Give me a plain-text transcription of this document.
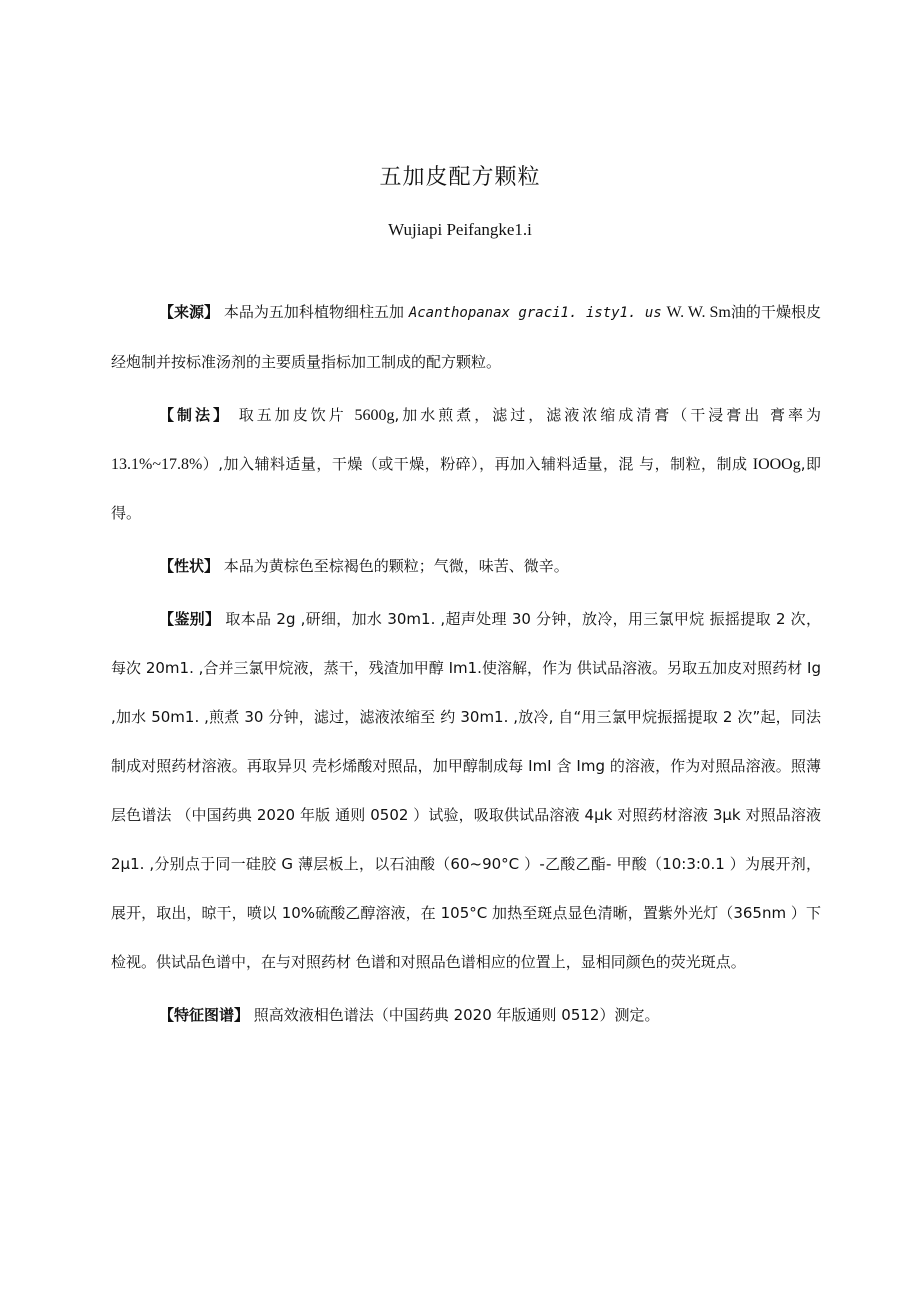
五加皮配方颗粒
Wujiapi Peifangke1.i

【来源】 本品为五加科植物细柱五加 Acanthopanax graci1. isty1. us W. W. Sm油的干燥根皮经炮制并按标准汤剂的主要质量指标加工制成的配方颗粒。

【制法】 取五加皮饮片 5600g,加水煎煮，滤过，滤液浓缩成清膏（干浸膏出 膏率为13.1%~17.8%）,加入辅料适量，干燥（或干燥，粉碎），再加入辅料适量，混 与，制粒，制成 IOOOg,即得。

【性状】 本品为黄棕色至棕褐色的颗粒；气微，味苦、微辛。

【鉴别】 取本品 2g ,研细，加水 30m1. ,超声处理 30 分钟，放冷，用三氯甲烷 振摇提取 2 次，每次 20m1. ,合并三氯甲烷液，蒸干，残渣加甲醇 Im1.使溶解，作为 供试品溶液。另取五加皮对照药材 Ig ,加水 50m1. ,煎煮 30 分钟，滤过，滤液浓缩至 约 30m1. ,放冷, 自“用三氯甲烷振摇提取 2 次”起，同法制成对照药材溶液。再取异贝 壳杉烯酸对照品，加甲醇制成每 ImI 含 Img 的溶液，作为对照品溶液。照薄层色谱法 （中国药典 2020 年版 通则 0502 ）试验，吸取供试品溶液 4μk 对照药材溶液 3μk 对照品溶液 2μ1. ,分别点于同一硅胶 G 薄层板上，以石油酸（60~90°C ）-乙酸乙酯- 甲酸（10:3:0.1 ）为展开剂，展开，取出，晾干，喷以 10%硫酸乙醇溶液，在 105°C 加热至斑点显色清晰，置紫外光灯（365nm ）下检视。供试品色谱中，在与对照药材 色谱和对照品色谱相应的位置上，显相同颜色的荧光斑点。

【特征图谱】 照高效液相色谱法（中国药典 2020 年版通则 0512）测定。
